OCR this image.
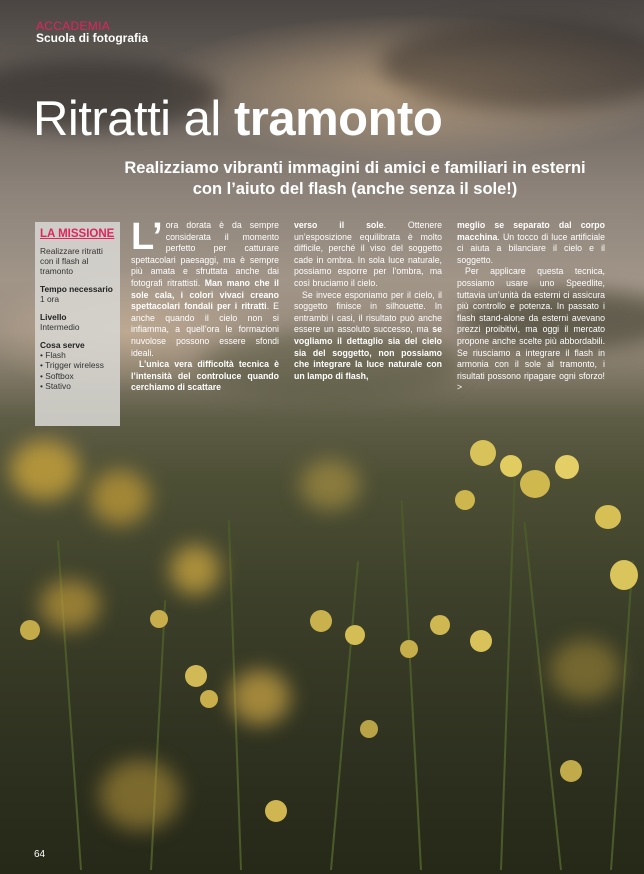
ACCADEMIA
Scuola di fotografia
Ritratti al tramonto
Realizziamo vibranti immagini di amici e familiari in esterni con l’aiuto del flash (anche senza il sole!)
LA MISSIONE
Realizzare ritratti con il flash al tramonto
Tempo necessario
1 ora
Livello
Intermedio
Cosa serve
• Flash
• Trigger wireless
• Softbox
• Stativo

L’ ora dorata è da sempre considerata il momento perfetto per catturare spettacolari paesaggi, ma è sempre più amata e sfruttata anche dai fotografi ritrattisti. Man mano che il sole cala, i colori vivaci creano spettacolari fondali per i ritratti. E anche quando il cielo non si infiamma, a quell’ora le formazioni nuvolose possono essere sfondi ideali.

L’unica vera difficoltà tecnica è l’intensità del controluce quando cerchiamo di scattare

verso il sole. Ottenere un’esposizione equilibrata è molto difficile, perché il viso del soggetto cade in ombra. In sola luce naturale, possiamo esporre per l’ombra, ma così bruciamo il cielo.

Se invece esponiamo per il cielo, il soggetto finisce in silhouette. In entrambi i casi, il risultato può anche essere un assoluto successo, ma se vogliamo il dettaglio sia del cielo sia del soggetto, non possiamo che integrare la luce naturale con un lampo di flash,

meglio se separato dal corpo macchina. Un tocco di luce artificiale ci aiuta a bilanciare il cielo e il soggetto.

Per applicare questa tecnica, possiamo usare uno Speedlite, tuttavia un’unità da esterni ci assicura più controllo e potenza. In passato i flash stand-alone da esterni avevano prezzi proibitivi, ma oggi il mercato propone anche scelte più abbordabili. Se riusciamo a integrare il flash in armonia con il sole al tramonto, i risultati possono ripagare ogni sforzo! >

64
